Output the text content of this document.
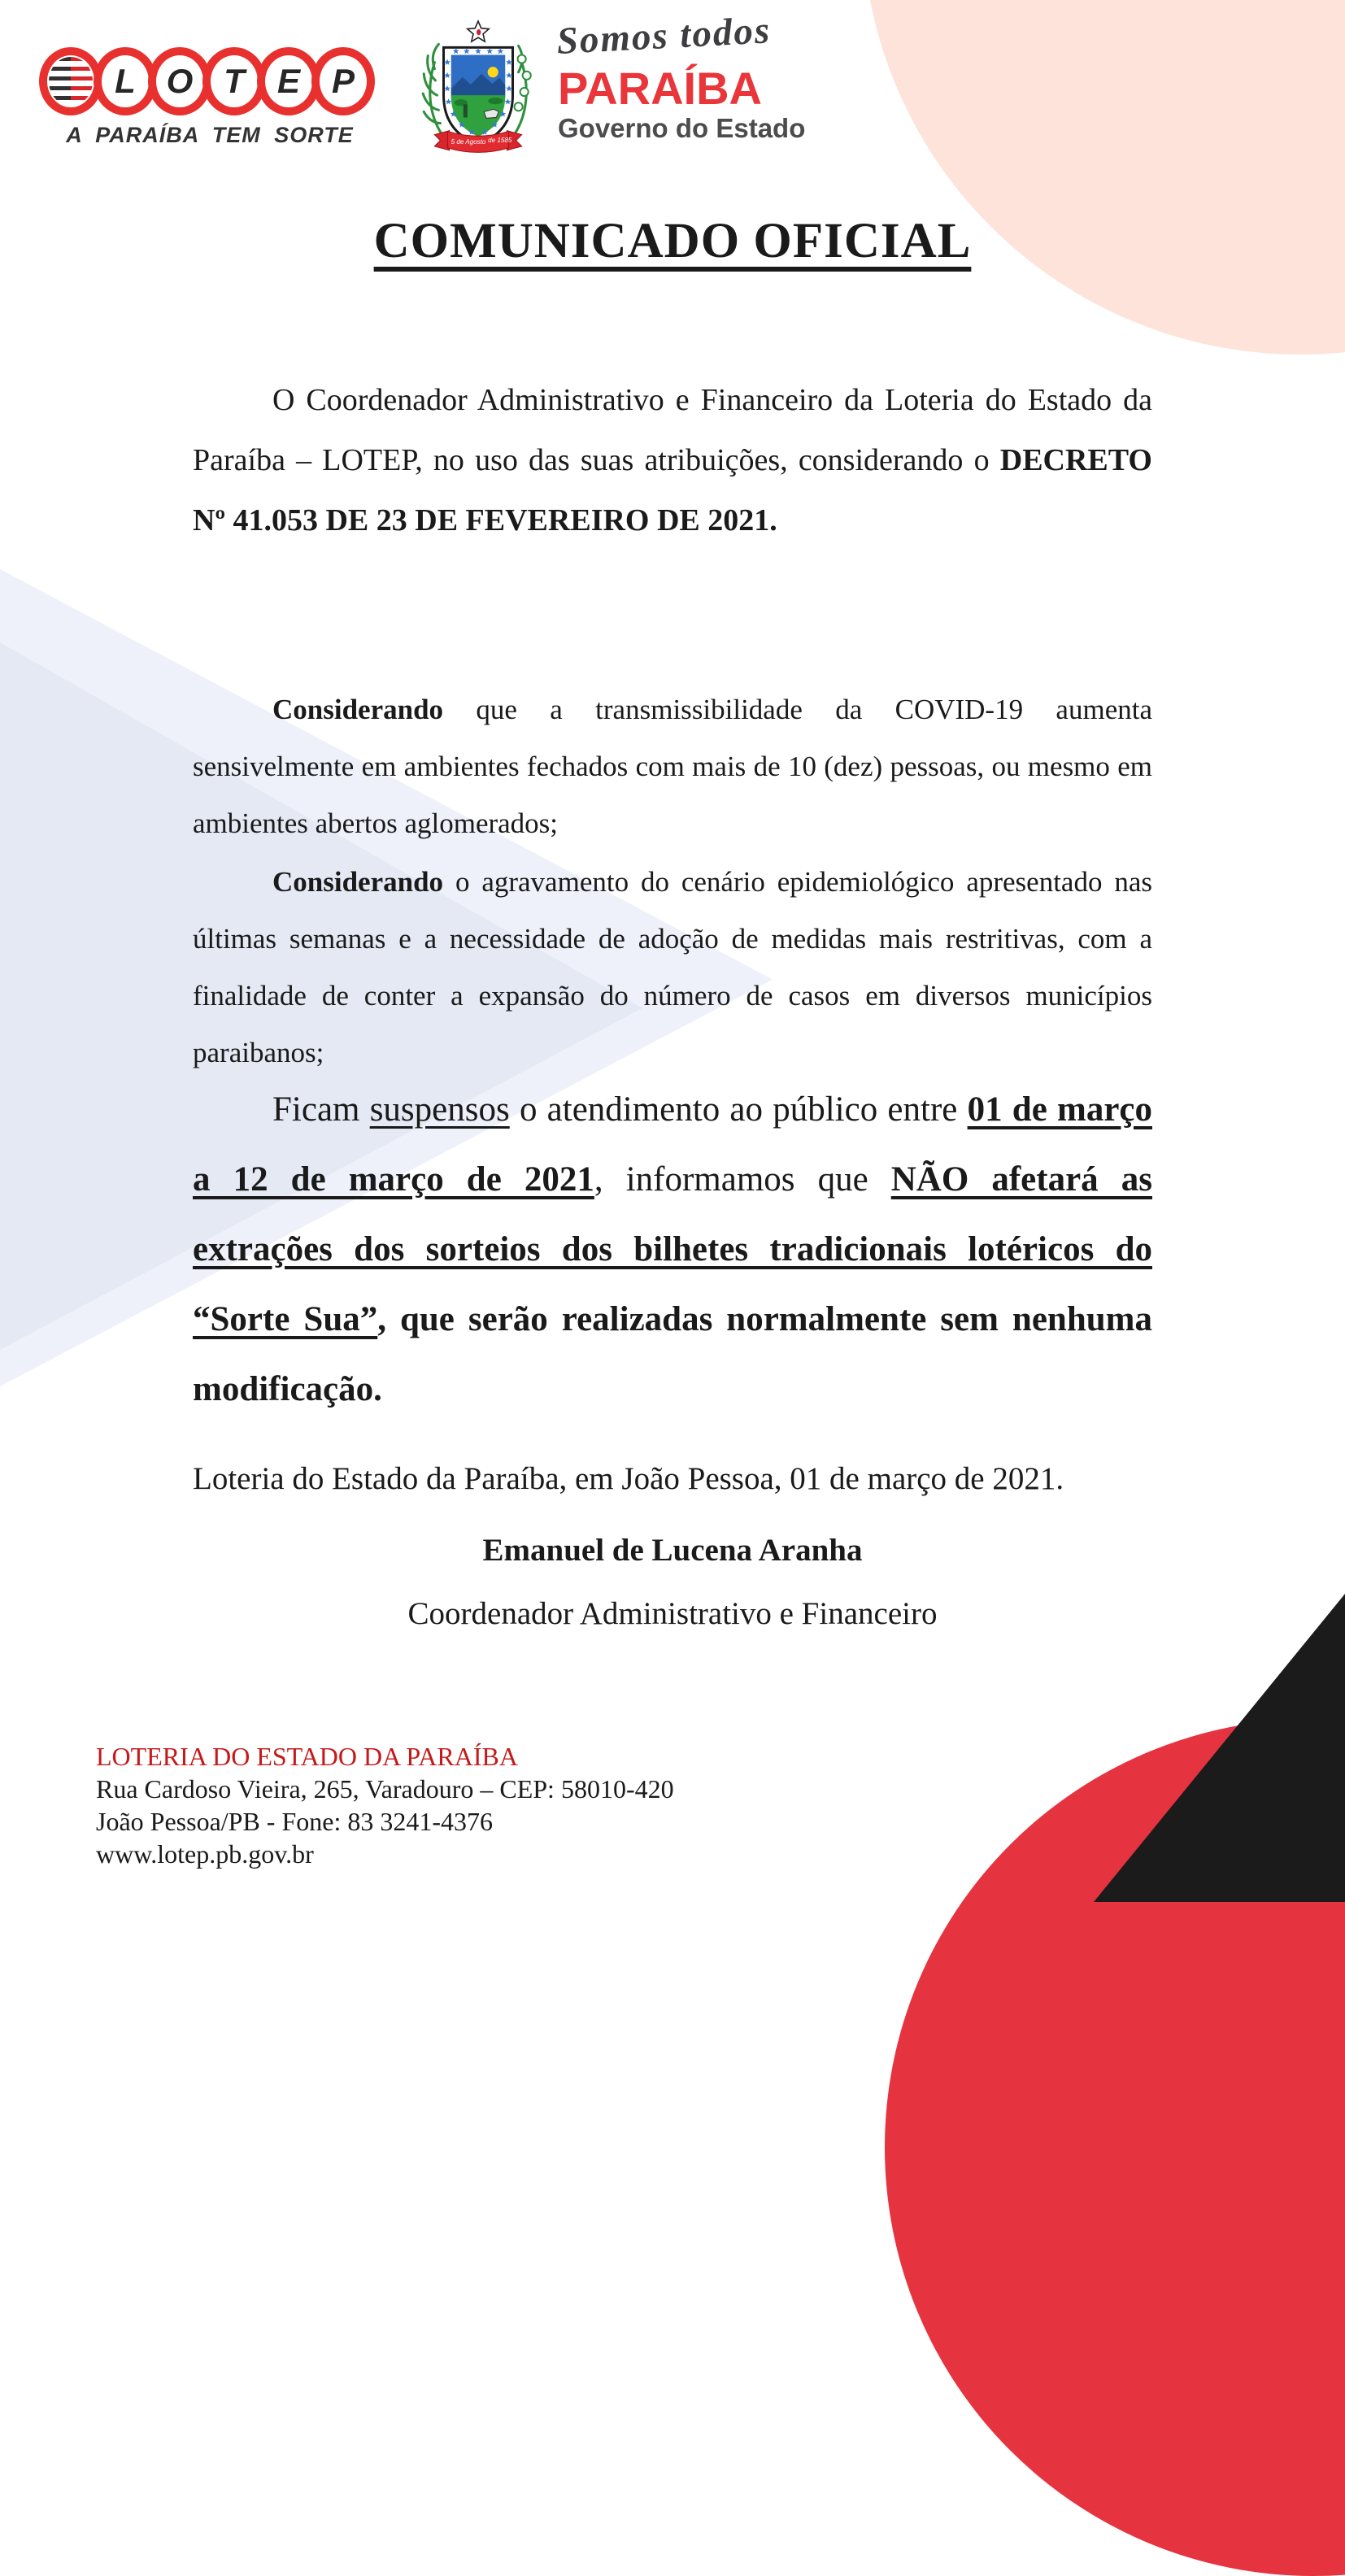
L O T E P
A PARAÍBA TEM SORTE	5 de Agosto de 1585
Somos todos
PARAÍBA
Governo do Estado
COMUNICADO OFICIAL
O Coordenador Administrativo e Financeiro da Loteria do Estado da Paraíba – LOTEP, no uso das suas atribuições, considerando o DECRETO Nº 41.053 DE 23 DE FEVEREIRO DE 2021.
Considerando que a transmissibilidade da COVID-19 aumenta sensivelmente em ambientes fechados com mais de 10 (dez) pessoas, ou mesmo em ambientes abertos aglomerados;
Considerando o agravamento do cenário epidemiológico apresentado nas últimas semanas e a necessidade de adoção de medidas mais restritivas, com a finalidade de conter a expansão do número de casos em diversos municípios paraibanos;
Ficam suspensos o atendimento ao público entre 01 de março a 12 de março de 2021, informamos que NÃO afetará as extrações dos sorteios dos bilhetes tradicionais lotéricos do “Sorte Sua”, que serão realizadas normalmente sem nenhuma modificação.
Loteria do Estado da Paraíba, em João Pessoa, 01 de março de 2021.
Emanuel de Lucena Aranha
Coordenador Administrativo e Financeiro
LOTERIA DO ESTADO DA PARAÍBA
Rua Cardoso Vieira, 265, Varadouro – CEP: 58010-420
João Pessoa/PB - Fone: 83 3241-4376
www.lotep.pb.gov.br
